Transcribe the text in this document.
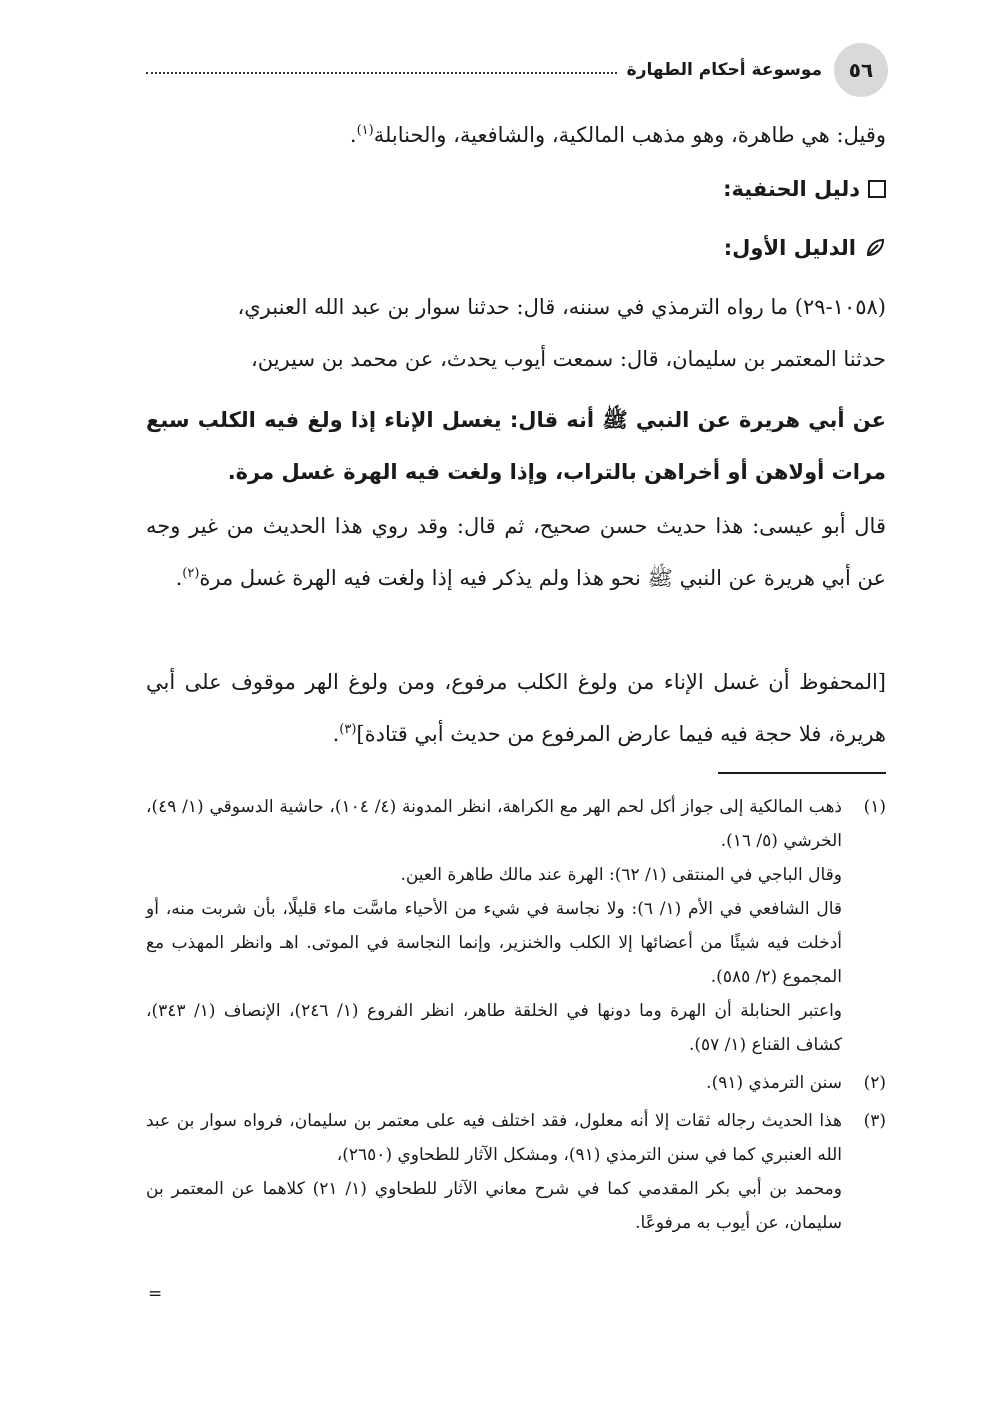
٥٦
موسوعة أحكام الطهارة
وقيل: هي طاهرة، وهو مذهب المالكية، والشافعية، والحنابلة$^{(١)}$.
دليل الحنفية:
الدليل الأول:
(١٠٥٨-٢٩) ما رواه الترمذي في سننه، قال: حدثنا سوار بن عبد الله العنبري،
حدثنا المعتمر بن سليمان، قال: سمعت أيوب يحدث، عن محمد بن سيرين،
عن أبي هريرة عن النبي ﷺ أنه قال: يغسل الإناء إذا ولغ فيه الكلب سبع مرات أولاهن أو أخراهن بالتراب، وإذا ولغت فيه الهرة غسل مرة.
قال أبو عيسى: هذا حديث حسن صحيح، ثم قال: وقد روي هذا الحديث من غير وجه عن أبي هريرة عن النبي ﷺ نحو هذا ولم يذكر فيه إذا ولغت فيه الهرة غسل مرة$^{(٢)}$.
[المحفوظ أن غسل الإناء من ولوغ الكلب مرفوع، ومن ولوغ الهر موقوف على أبي هريرة، فلا حجة فيه فيما عارض المرفوع من حديث أبي قتادة]$^{(٣)}$.
(١)
ذهب المالكية إلى جواز أكل لحم الهر مع الكراهة، انظر المدونة (٤/ ١٠٤)، حاشية الدسوقي (١/ ٤٩)، الخرشي (٥/ ١٦).
وقال الباجي في المنتقى (١/ ٦٢): الهرة عند مالك طاهرة العين.
قال الشافعي في الأم (١/ ٦): ولا نجاسة في شيء من الأحياء ماسَّت ماء قليلًا، بأن شربت منه، أو أدخلت فيه شيئًا من أعضائها إلا الكلب والخنزير، وإنما النجاسة في الموتى. اهـ وانظر المهذب مع المجموع (٢/ ٥٨٥).
واعتبر الحنابلة أن الهرة وما دونها في الخلقة طاهر، انظر الفروع (١/ ٢٤٦)، الإنصاف (١/ ٣٤٣)، كشاف القناع (١/ ٥٧).
(٢)
سنن الترمذي (٩١).
(٣)
هذا الحديث رجاله ثقات إلا أنه معلول، فقد اختلف فيه على معتمر بن سليمان، فرواه سوار بن عبد الله العنبري كما في سنن الترمذي (٩١)، ومشكل الآثار للطحاوي (٢٦٥٠)،
ومحمد بن أبي بكر المقدمي كما في شرح معاني الآثار للطحاوي (١/ ٢١) كلاهما عن المعتمر بن سليمان، عن أيوب به مرفوعًا.
=
